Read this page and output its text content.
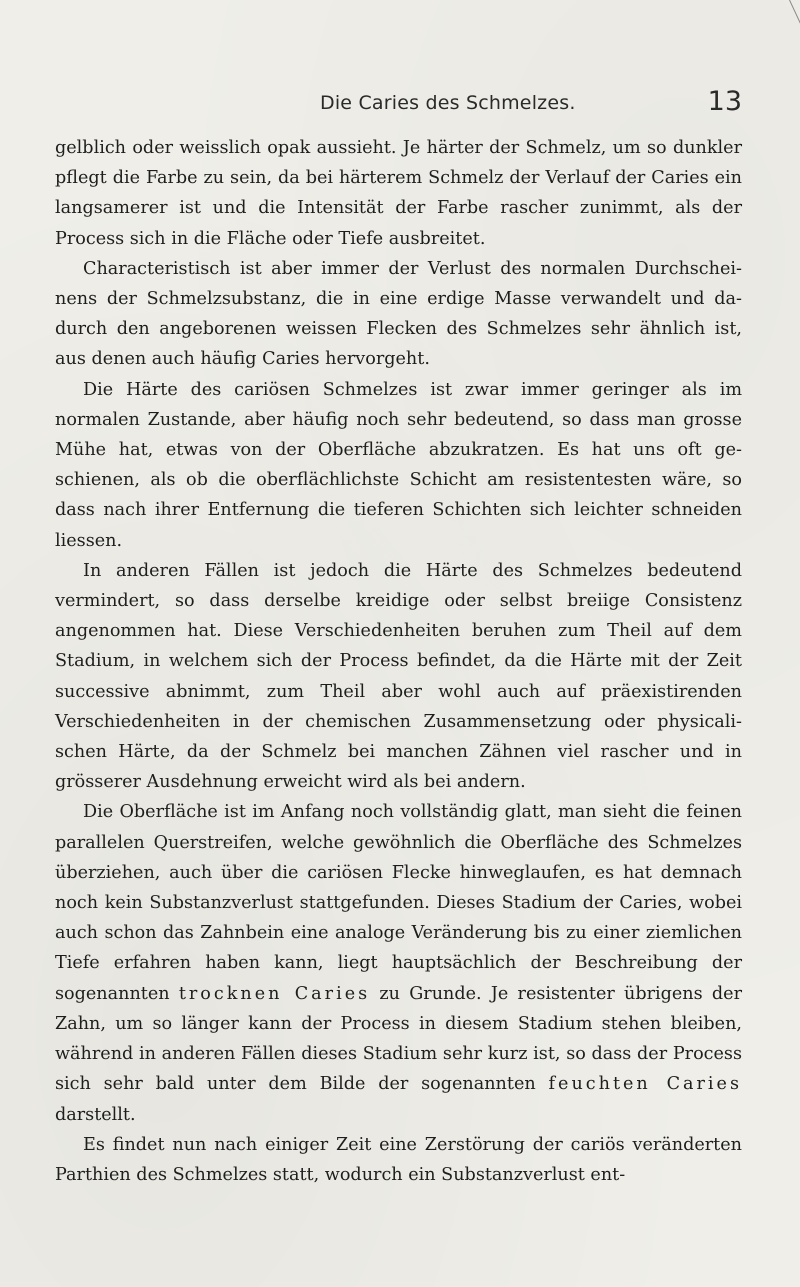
Die Caries des Schmelzes.	13

gelblich oder weisslich opak aussieht. Je härter der Schmelz, um so dunkler pflegt die Farbe zu sein, da bei härterem Schmelz der Verlauf der Caries ein langsamerer ist und die Intensität der Farbe rascher zunimmt, als der Process sich in die Fläche oder Tiefe ausbreitet.

Characteristisch ist aber immer der Verlust des normalen Durchscheinens der Schmelzsubstanz, die in eine erdige Masse verwandelt und dadurch den angeborenen weissen Flecken des Schmelzes sehr ähnlich ist, aus denen auch häufig Caries hervorgeht.

Die Härte des cariösen Schmelzes ist zwar immer geringer als im normalen Zustande, aber häufig noch sehr bedeutend, so dass man grosse Mühe hat, etwas von der Oberfläche abzukratzen. Es hat uns oft geschienen, als ob die oberflächlichste Schicht am resistentesten wäre, so dass nach ihrer Entfernung die tieferen Schichten sich leichter schneiden liessen.

In anderen Fällen ist jedoch die Härte des Schmelzes bedeutend vermindert, so dass derselbe kreidige oder selbst breiige Consistenz angenommen hat. Diese Verschiedenheiten beruhen zum Theil auf dem Stadium, in welchem sich der Process befindet, da die Härte mit der Zeit successive abnimmt, zum Theil aber wohl auch auf präexistirenden Verschiedenheiten in der chemischen Zusammensetzung oder physicalischen Härte, da der Schmelz bei manchen Zähnen viel rascher und in grösserer Ausdehnung erweicht wird als bei andern.

Die Oberfläche ist im Anfang noch vollständig glatt, man sieht die feinen parallelen Querstreifen, welche gewöhnlich die Oberfläche des Schmelzes überziehen, auch über die cariösen Flecke hinweglaufen, es hat demnach noch kein Substanzverlust stattgefunden. Dieses Stadium der Caries, wobei auch schon das Zahnbein eine analoge Veränderung bis zu einer ziemlichen Tiefe erfahren haben kann, liegt hauptsächlich der Beschreibung der sogenannten trocknen Caries zu Grunde. Je resistenter übrigens der Zahn, um so länger kann der Process in diesem Stadium stehen bleiben, während in anderen Fällen dieses Stadium sehr kurz ist, so dass der Process sich sehr bald unter dem Bilde der sogenannten feuchten Caries darstellt.

Es findet nun nach einiger Zeit eine Zerstörung der cariös veränderten Parthien des Schmelzes statt, wodurch ein Substanzverlust ent-
